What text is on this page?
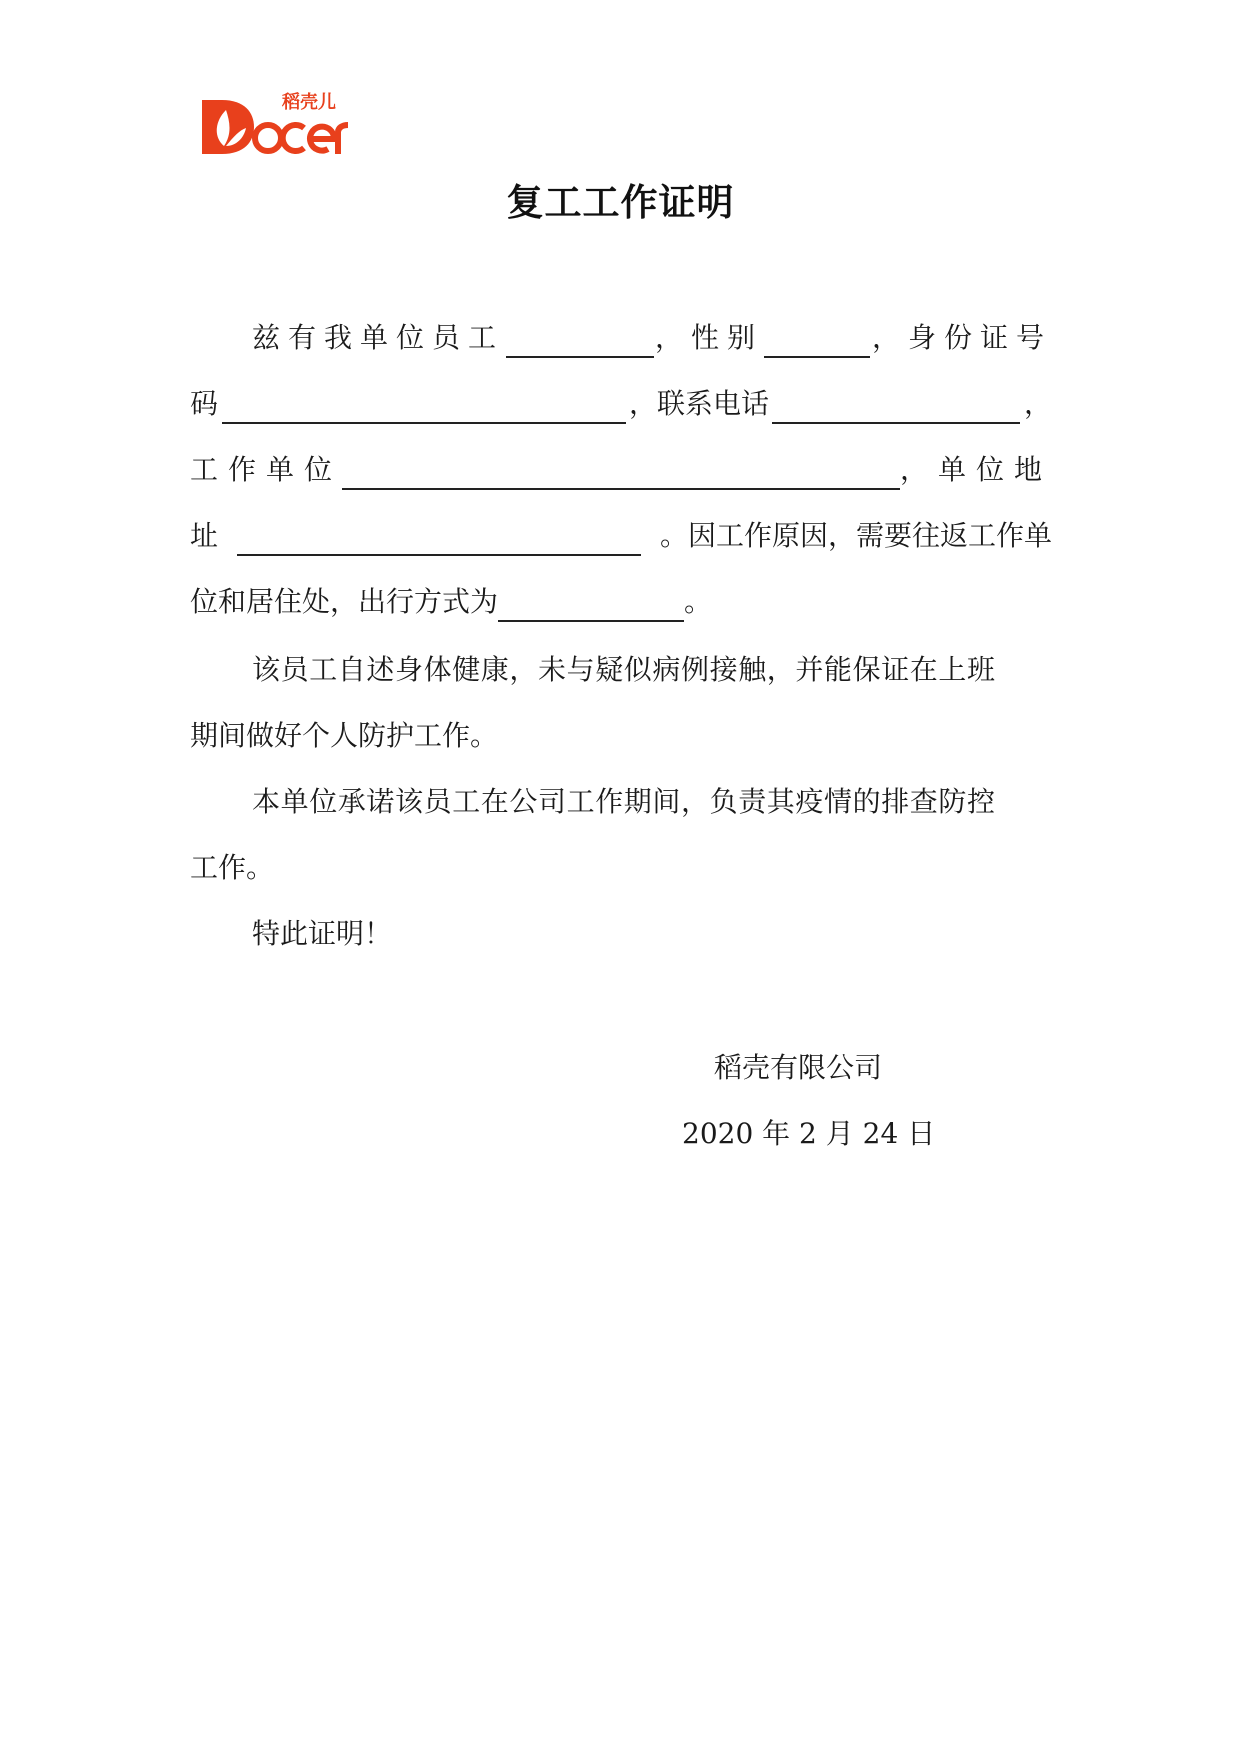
稻壳儿
复工工作证明
兹有我单位员工	，性别	，身份证号
码	，联系电话	，
工作单位	，单位地
址	。因工作原因，需要往返工作单
位和居住处，出行方式为	。
该员工自述身体健康，未与疑似病例接触，并能保证在上班
期间做好个人防护工作。
本单位承诺该员工在公司工作期间，负责其疫情的排查防控
工作。
特此证明！
稻壳有限公司
2020 年 2 月 24 日
